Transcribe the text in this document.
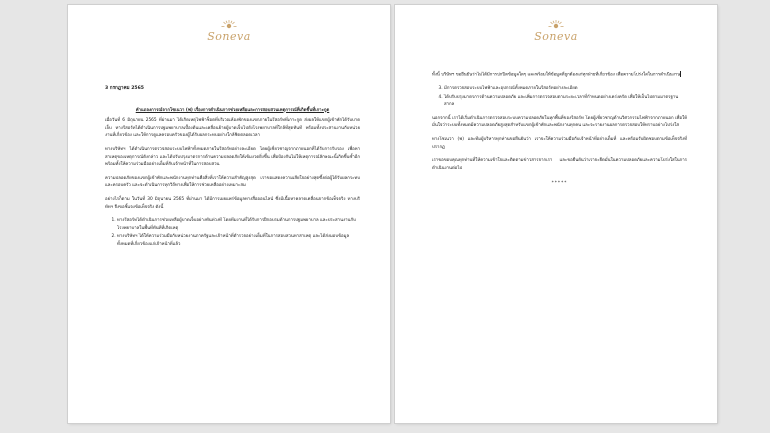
Soneva
3 กรกฎาคม 2565
คำแถลงการณ์จากโซเนวา (ฟ) เรื่องการดำเนินการช่วยเหลือและการสอบสวนเหตุการณ์ที่เกิดขึ้นที่เกาะกูด

เมื่อวันที่ 6 มิถุนายน 2565 ที่ผ่านมา ได้เกิดเหตุไฟฟ้าช็อตที่บริเวณห้องพักของแขกภายในรีสอร์ทที่เกาะกูด ส่งผลให้แขกผู้เข้าพักได้รับบาดเจ็บ ทางรีสอร์ทได้ดำเนินการปฐมพยาบาลเบื้องต้นและเคลื่อนย้ายผู้บาดเจ็บไปยังโรงพยาบาลที่ใกล้ที่สุดทันที พร้อมทั้งประสานงานกับหน่วยงานที่เกี่ยวข้อง และให้การดูแลครอบครัวของผู้ได้รับผลกระทบอย่างใกล้ชิดตลอดเวลา

ทางบริษัทฯ ได้ดำเนินการตรวจสอบระบบไฟฟ้าทั้งหมดภายในรีสอร์ทอย่างละเอียด โดยผู้เชี่ยวชาญจากภายนอกที่ได้รับการรับรอง เพื่อหาสาเหตุของเหตุการณ์ดังกล่าว และได้ปรับปรุงมาตรการด้านความปลอดภัยให้เข้มงวดยิ่งขึ้น เพื่อป้องกันไม่ให้เหตุการณ์ลักษณะนี้เกิดขึ้นซ้ำอีก พร้อมทั้งให้ความร่วมมืออย่างเต็มที่กับเจ้าหน้าที่ในการสอบสวน

ความปลอดภัยของแขกผู้เข้าพักและพนักงานทุกท่านคือสิ่งที่เราให้ความสำคัญสูงสุด เราขอแสดงความเสียใจอย่างสุดซึ้งต่อผู้ได้รับผลกระทบและครอบครัว และจะดำเนินการทุกวิถีทางเพื่อให้การช่วยเหลืออย่างเหมาะสม

อย่างไรก็ตาม ในวันที่ 30 มิถุนายน 2565 ที่ผ่านมา ได้มีการเผยแพร่ข้อมูลทางสื่อออนไลน์ ซึ่งมีเนื้อหาคลาดเคลื่อนจากข้อเท็จจริง ทางบริษัทฯ จึงขอชี้แจงข้อเท็จจริง ดังนี้

1. ทางรีสอร์ทได้ดำเนินการช่วยเหลือผู้บาดเจ็บอย่างทันท่วงที โดยทีมงานที่ได้รับการฝึกอบรมด้านการปฐมพยาบาล และประสานงานกับโรงพยาบาลในพื้นที่ทันทีที่เกิดเหตุ
2. ทางบริษัทฯ ได้ให้ความร่วมมือกับหน่วยงานภาครัฐและเจ้าหน้าที่ตำรวจอย่างเต็มที่ในการสอบสวนหาสาเหตุ และได้ส่งมอบข้อมูลทั้งหมดที่เกี่ยวข้องแก่เจ้าหน้าที่แล้ว
Soneva

ทั้งนี้ บริษัทฯ ขอยืนยันว่าไม่ได้มีการปกปิดข้อมูลใดๆ และพร้อมให้ข้อมูลที่ถูกต้องแก่ทุกฝ่ายที่เกี่ยวข้อง เพื่อความโปร่งใสในการดำเนินงาน

3. มีการตรวจสอบระบบไฟฟ้าและอุปกรณ์ทั้งหมดภายในรีสอร์ทอย่างละเอียด
4. ได้ปรับปรุงมาตรการด้านความปลอดภัย และเพิ่มการตรวจสอบตามระยะเวลาที่กำหนดอย่างเคร่งครัด เพื่อให้เป็นไปตามมาตรฐานสากล

นอกจากนี้ เราได้เริ่มดำเนินการตรวจสอบระบบความปลอดภัยในทุกพื้นที่ของรีสอร์ท โดยผู้เชี่ยวชาญด้านวิศวกรรมไฟฟ้าจากภายนอก เพื่อให้มั่นใจว่าระบบทั้งหมดมีความปลอดภัยสูงสุดสำหรับแขกผู้เข้าพักและพนักงานทุกคน และจะรายงานผลการตรวจสอบให้ทราบอย่างโปร่งใส

ทางโซเนวา (ฟ) และทีมผู้บริหารทุกท่านขอยืนยันว่า เราจะให้ความร่วมมือกับเจ้าหน้าที่อย่างเต็มที่ และพร้อมรับผิดชอบตามข้อเท็จจริงที่ปรากฏ

เราขอขอบคุณทุกท่านที่ให้ความเข้าใจและติดตามข่าวสารจากเรา และขอยืนยันว่าเราจะยึดมั่นในความปลอดภัยและความโปร่งใสในการดำเนินงานต่อไป

*****
